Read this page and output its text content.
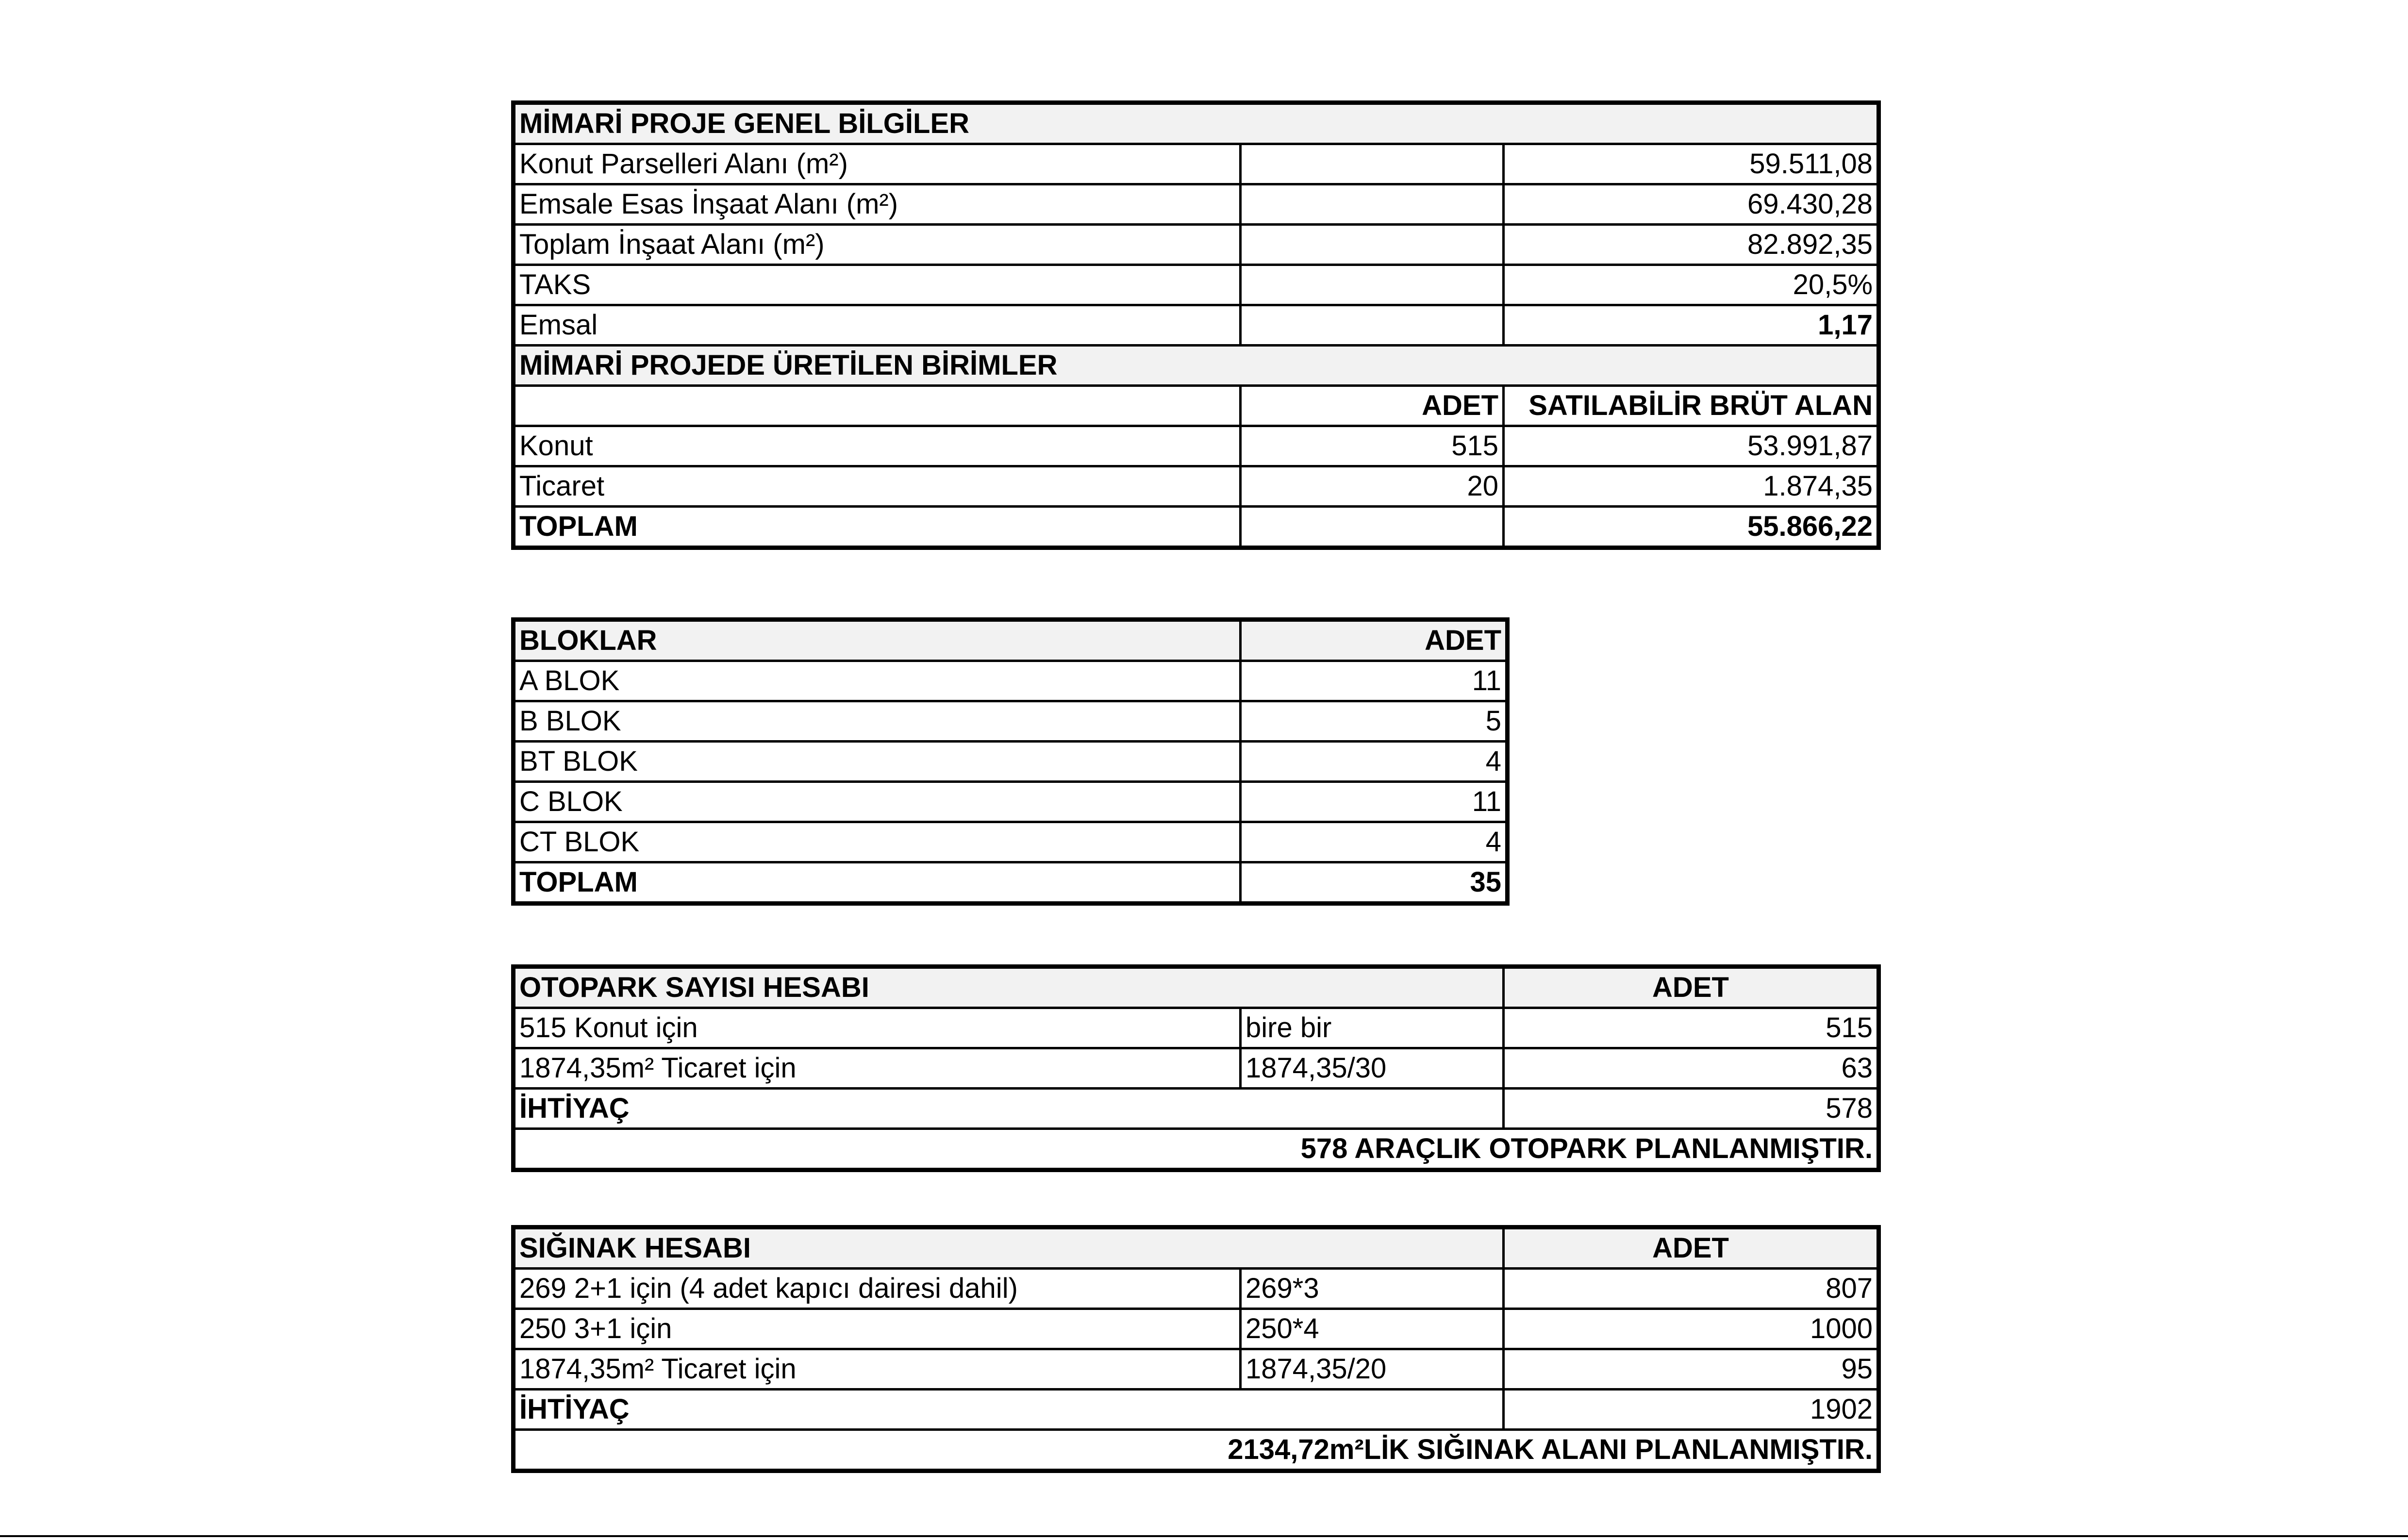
MİMARİ PROJE GENEL BİLGİLER		
Konut Parselleri Alanı (m²)		59.511,08
Emsale Esas İnşaat Alanı (m²)		69.430,28
Toplam İnşaat Alanı (m²)		82.892,35
TAKS		20,5%
Emsal		1,17
MİMARİ PROJEDE ÜRETİLEN BİRİMLER		
	ADET	SATILABİLİR BRÜT ALAN
Konut	515	53.991,87
Ticaret	20	1.874,35
TOPLAM		55.866,22
BLOKLAR	ADET
A BLOK	11
B BLOK	5
BT BLOK	4
C BLOK	11
CT BLOK	4
TOPLAM	35
OTOPARK SAYISI HESABI		ADET
515 Konut için	bire bir	515
1874,35m² Ticaret için	1874,35/30	63
İHTİYAÇ		578
578 ARAÇLIK OTOPARK PLANLANMIŞTIR.		
SIĞINAK HESABI		ADET
269 2+1 için (4 adet kapıcı dairesi dahil)	269*3	807
250 3+1 için	250*4	1000
1874,35m² Ticaret için	1874,35/20	95
İHTİYAÇ		1902
2134,72m²LİK SIĞINAK ALANI PLANLANMIŞTIR.		
